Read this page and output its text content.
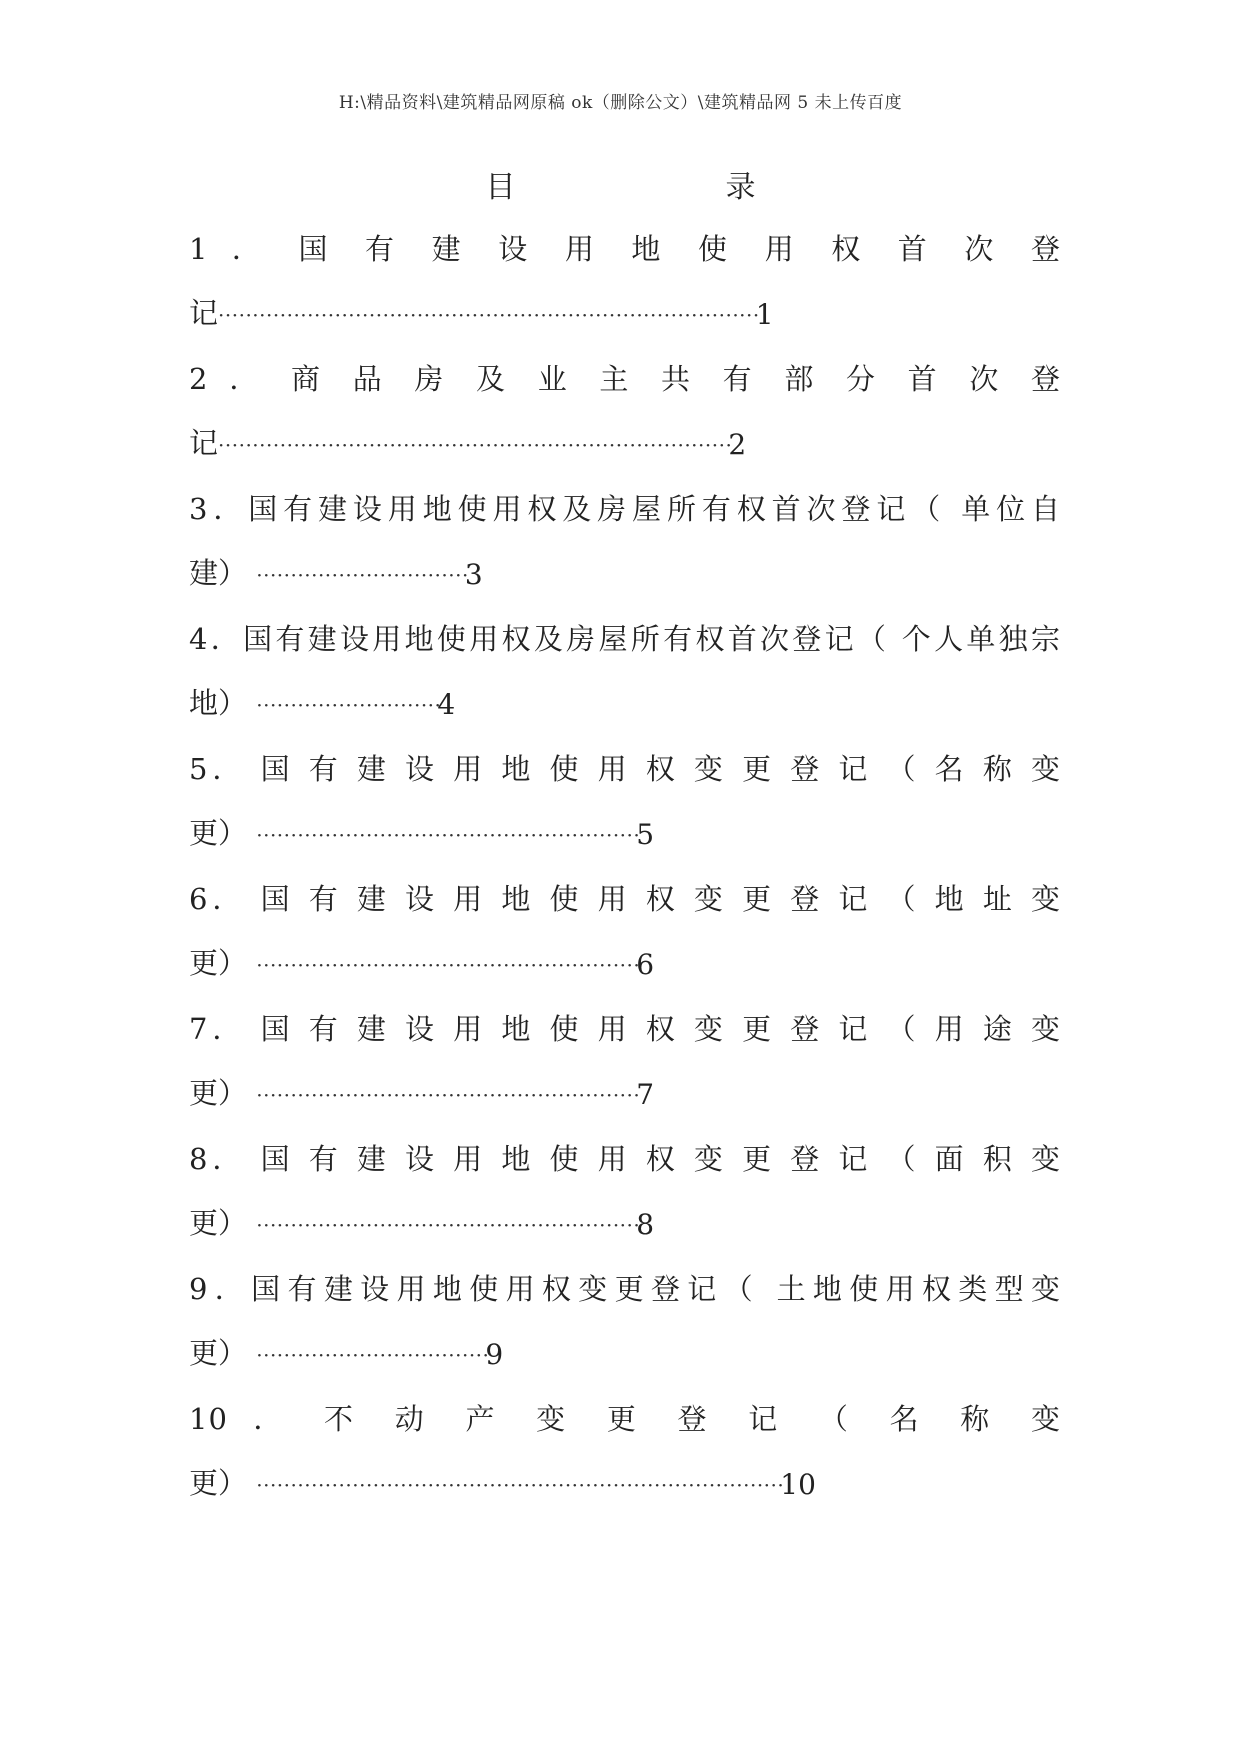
H:\精品资料\建筑精品网原稿 ok（删除公文）\建筑精品网 5 未上传百度
目　录
1 ． 国 有 建 设 用 地 使 用 权 首 次 登
记···············································································1
2 ． 商 品 房 及 业 主 共 有 部 分 首 次 登
记···········································································2
3．国有建设用地使用权及房屋所有权首次登记（ 单位自
建） ·······························3
4．国有建设用地使用权及房屋所有权首次登记（ 个人单独宗
地） ···························4
5． 国 有 建 设 用 地 使 用 权 变 更 登 记 （ 名 称 变
更） ························································5
6． 国 有 建 设 用 地 使 用 权 变 更 登 记 （ 地 址 变
更） ························································6
7． 国 有 建 设 用 地 使 用 权 变 更 登 记 （ 用 途 变
更） ························································7
8． 国 有 建 设 用 地 使 用 权 变 更 登 记 （ 面 积 变
更） ························································8
9．国有建设用地使用权变更登记（ 土地使用权类型变
更） ··································9
10 ． 不 动 产 变 更 登 记 （ 名 称 变
更） ·············································································10
